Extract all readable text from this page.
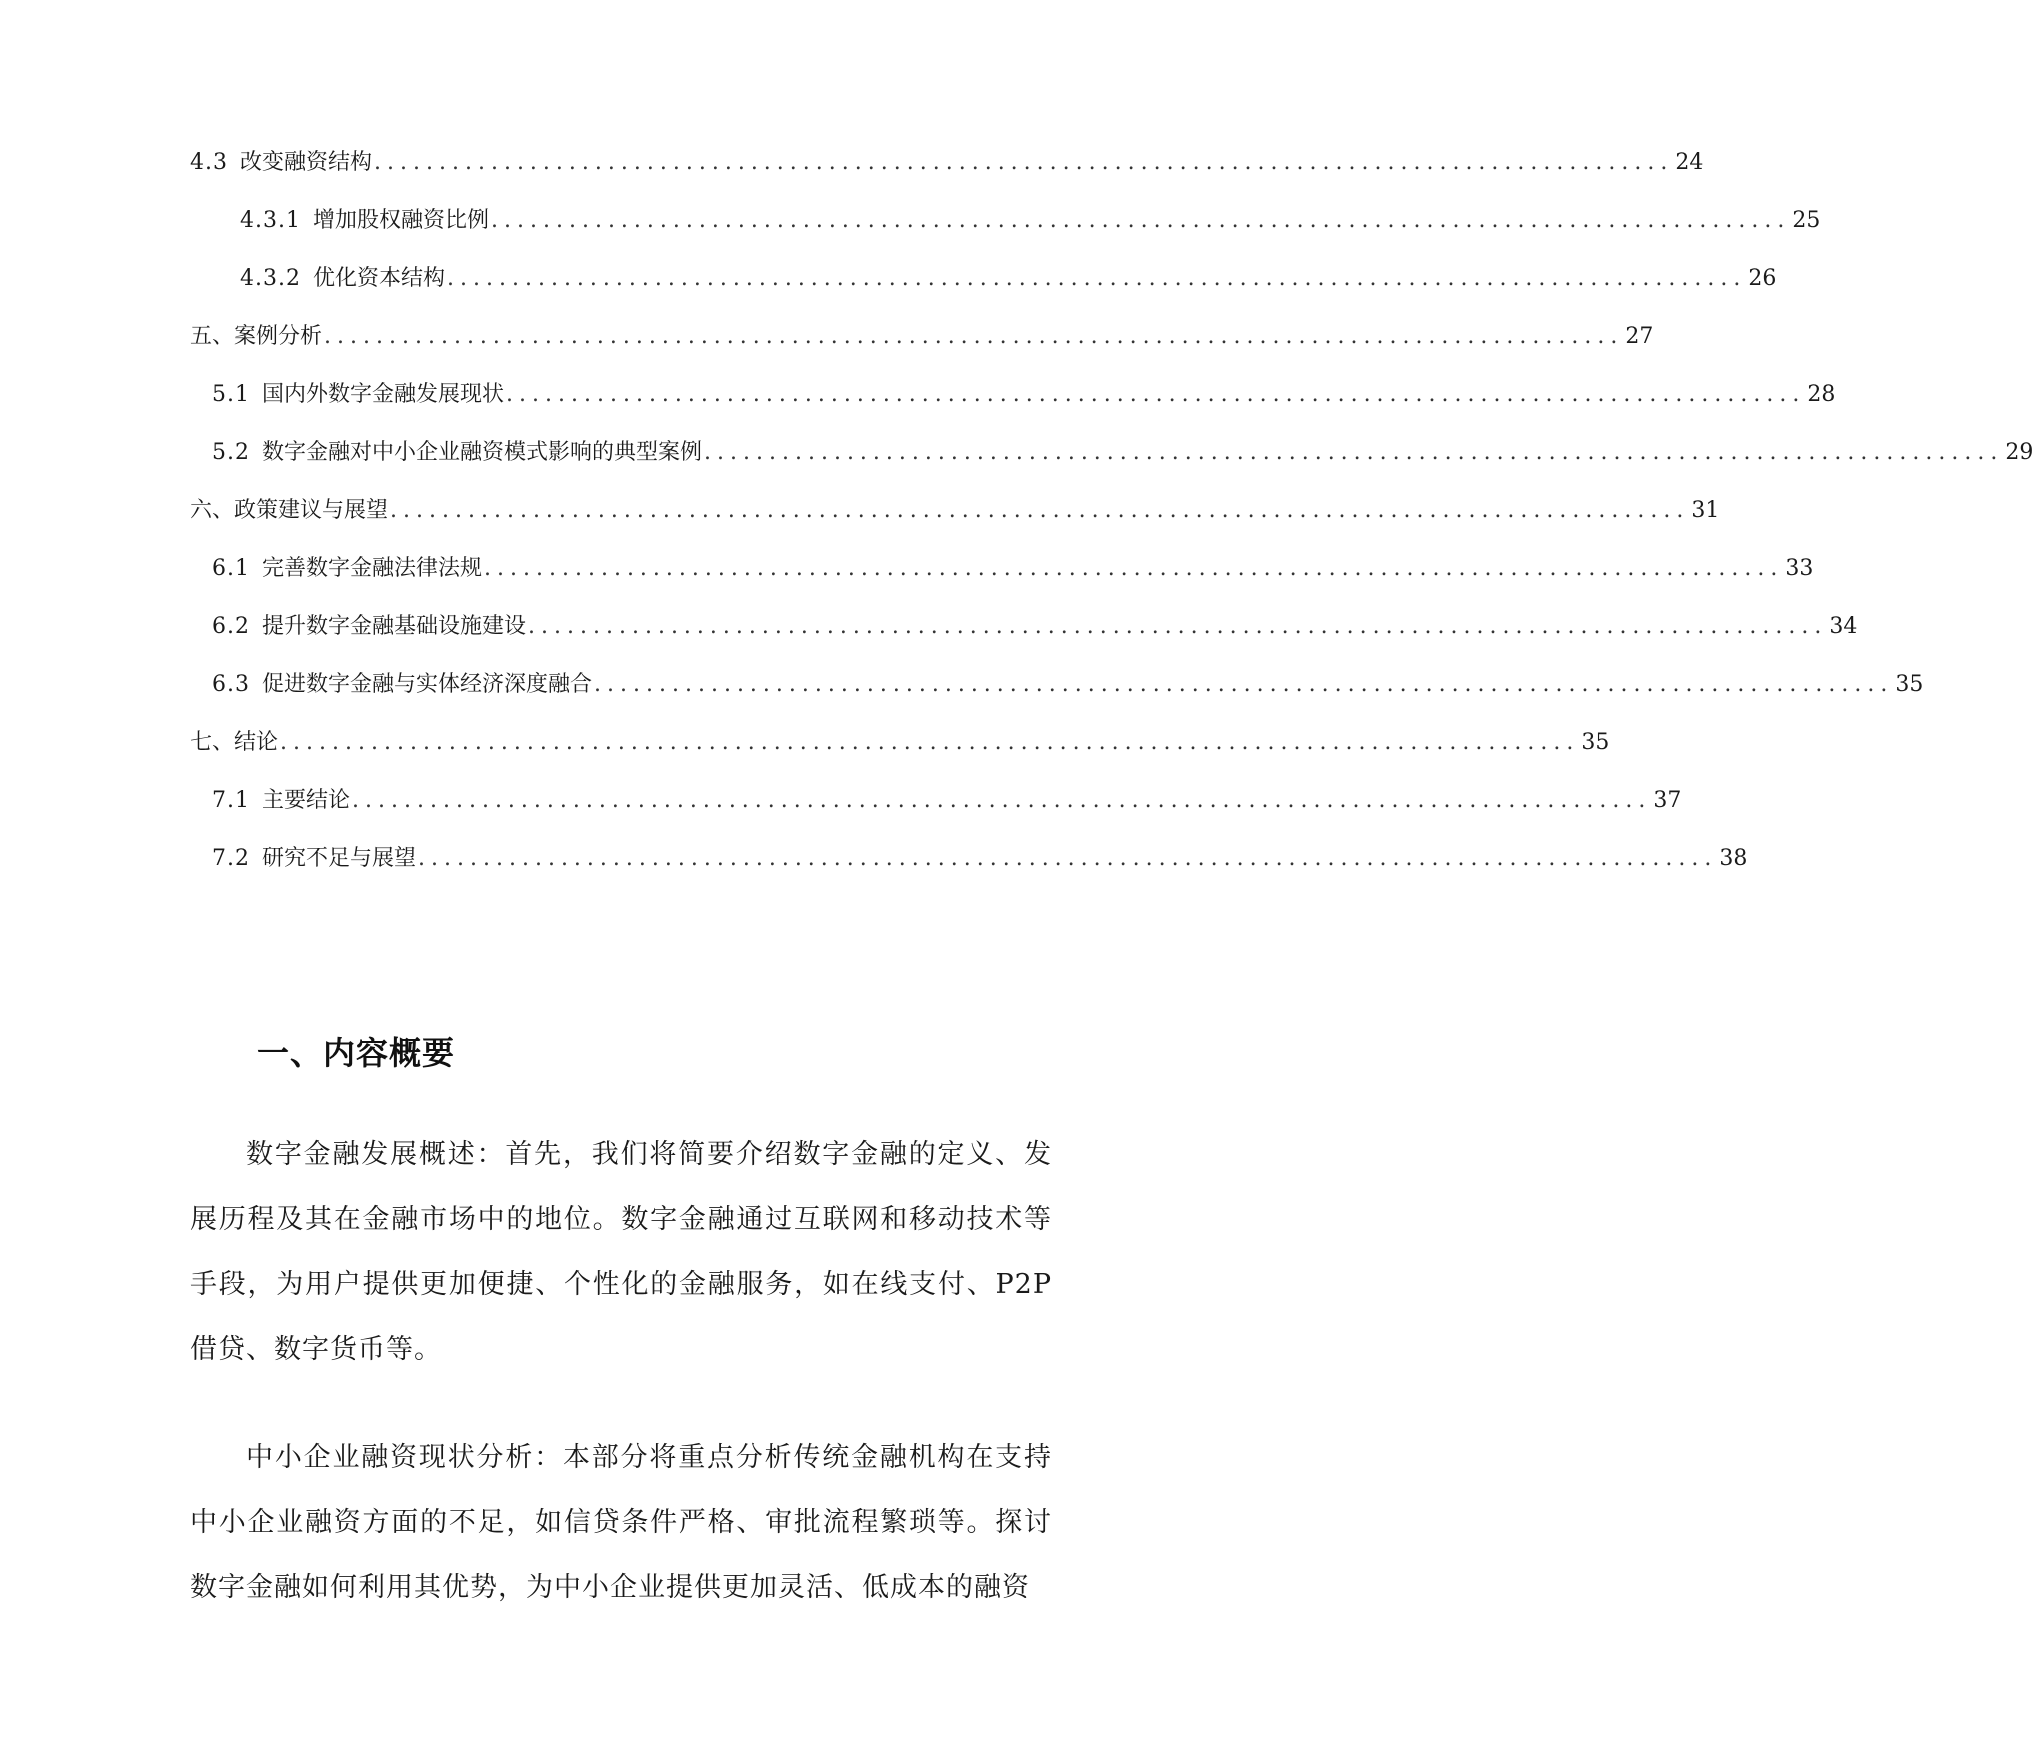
4.3 改变融资结构 .................................................................................................... 24
4.3.1 增加股权融资比例 .................................................................................................... 25
4.3.2 优化资本结构 .................................................................................................... 26
五、案例分析 .................................................................................................... 27
5.1 国内外数字金融发展现状 .................................................................................................... 28
5.2 数字金融对中小企业融资模式影响的典型案例 .................................................................................................... 29
六、政策建议与展望 .................................................................................................... 31
6.1 完善数字金融法律法规 .................................................................................................... 33
6.2 提升数字金融基础设施建设 .................................................................................................... 34
6.3 促进数字金融与实体经济深度融合 .................................................................................................... 35
七、结论 .................................................................................................... 35
7.1 主要结论 .................................................................................................... 37
7.2 研究不足与展望 .................................................................................................... 38
一、内容概要

数字金融发展概述：首先，我们将简要介绍数字金融的定义、发展历程及其在金融市场中的地位。数字金融通过互联网和移动技术等手段，为用户提供更加便捷、个性化的金融服务，如在线支付、P2P借贷、数字货币等。

中小企业融资现状分析：本部分将重点分析传统金融机构在支持中小企业融资方面的不足，如信贷条件严格、审批流程繁琐等。探讨数字金融如何利用其优势，为中小企业提供更加灵活、低成本的融资
